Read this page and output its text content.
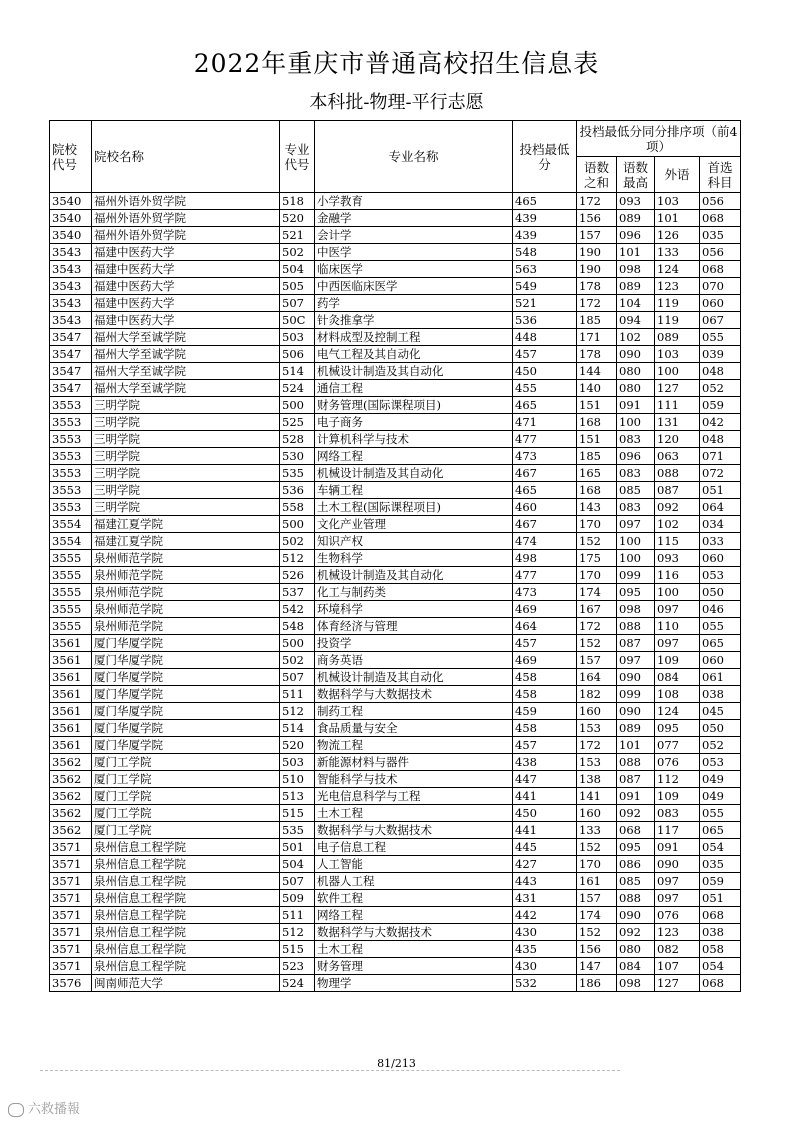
2022年重庆市普通高校招生信息表
本科批-物理-平行志愿
院校代号	院校名称	专业代号	专业名称	投档最低分	投档最低分同分排序项（前4项）			
					语数之和	语数最高	外语	首选科目
3540	福州外语外贸学院	518	小学教育	465	172	093	103	056
3540	福州外语外贸学院	520	金融学	439	156	089	101	068
3540	福州外语外贸学院	521	会计学	439	157	096	126	035
3543	福建中医药大学	502	中医学	548	190	101	133	056
3543	福建中医药大学	504	临床医学	563	190	098	124	068
3543	福建中医药大学	505	中西医临床医学	549	178	089	123	070
3543	福建中医药大学	507	药学	521	172	104	119	060
3543	福建中医药大学	50C	针灸推拿学	536	185	094	119	067
3547	福州大学至诚学院	503	材料成型及控制工程	448	171	102	089	055
3547	福州大学至诚学院	506	电气工程及其自动化	457	178	090	103	039
3547	福州大学至诚学院	514	机械设计制造及其自动化	450	144	080	100	048
3547	福州大学至诚学院	524	通信工程	455	140	080	127	052
3553	三明学院	500	财务管理(国际课程项目)	465	151	091	111	059
3553	三明学院	525	电子商务	471	168	100	131	042
3553	三明学院	528	计算机科学与技术	477	151	083	120	048
3553	三明学院	530	网络工程	473	185	096	063	071
3553	三明学院	535	机械设计制造及其自动化	467	165	083	088	072
3553	三明学院	536	车辆工程	465	168	085	087	051
3553	三明学院	558	土木工程(国际课程项目)	460	143	083	092	064
3554	福建江夏学院	500	文化产业管理	467	170	097	102	034
3554	福建江夏学院	502	知识产权	474	152	100	115	033
3555	泉州师范学院	512	生物科学	498	175	100	093	060
3555	泉州师范学院	526	机械设计制造及其自动化	477	170	099	116	053
3555	泉州师范学院	537	化工与制药类	473	174	095	100	050
3555	泉州师范学院	542	环境科学	469	167	098	097	046
3555	泉州师范学院	548	体育经济与管理	464	172	088	110	055
3561	厦门华厦学院	500	投资学	457	152	087	097	065
3561	厦门华厦学院	502	商务英语	469	157	097	109	060
3561	厦门华厦学院	507	机械设计制造及其自动化	458	164	090	084	061
3561	厦门华厦学院	511	数据科学与大数据技术	458	182	099	108	038
3561	厦门华厦学院	512	制药工程	459	160	090	124	045
3561	厦门华厦学院	514	食品质量与安全	458	153	089	095	050
3561	厦门华厦学院	520	物流工程	457	172	101	077	052
3562	厦门工学院	503	新能源材料与器件	438	153	088	076	053
3562	厦门工学院	510	智能科学与技术	447	138	087	112	049
3562	厦门工学院	513	光电信息科学与工程	441	141	091	109	049
3562	厦门工学院	515	土木工程	450	160	092	083	055
3562	厦门工学院	535	数据科学与大数据技术	441	133	068	117	065
3571	泉州信息工程学院	501	电子信息工程	445	152	095	091	054
3571	泉州信息工程学院	504	人工智能	427	170	086	090	035
3571	泉州信息工程学院	507	机器人工程	443	161	085	097	059
3571	泉州信息工程学院	509	软件工程	431	157	088	097	051
3571	泉州信息工程学院	511	网络工程	442	174	090	076	068
3571	泉州信息工程学院	512	数据科学与大数据技术	430	152	092	123	038
3571	泉州信息工程学院	515	土木工程	435	156	080	082	058
3571	泉州信息工程学院	523	财务管理	430	147	084	107	054
3576	闽南师范大学	524	物理学	532	186	098	127	068
81/213
六救播報
